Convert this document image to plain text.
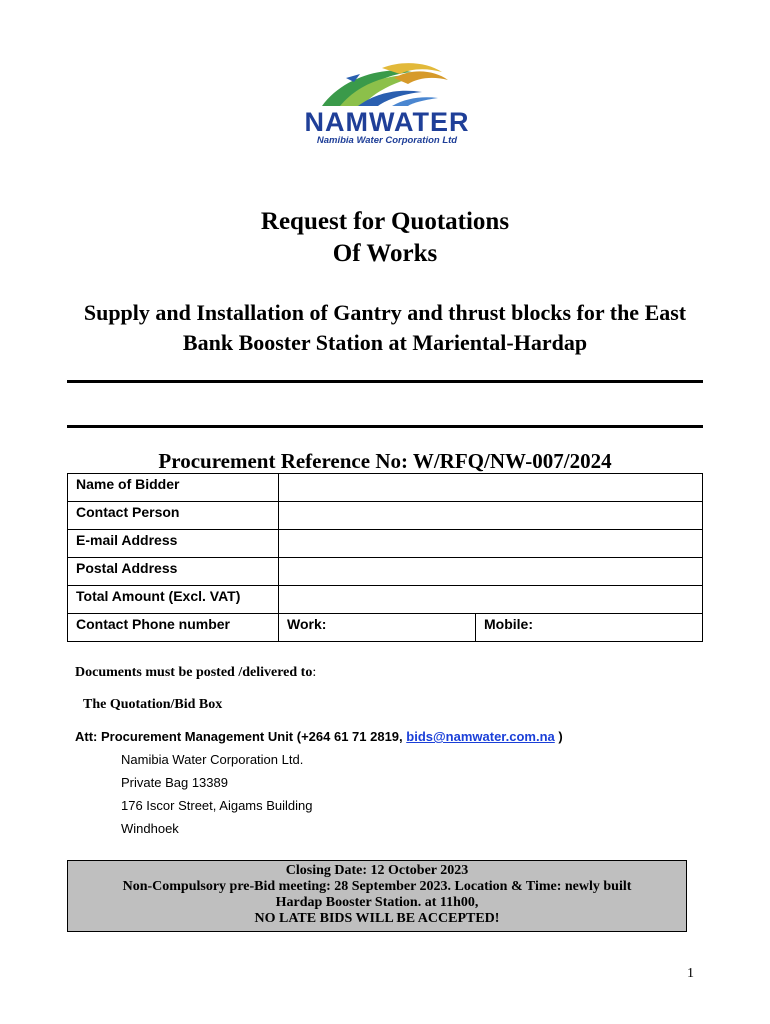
NAMWATER
Namibia Water Corporation Ltd
Request for Quotations
Of Works
Supply and Installation of Gantry and thrust blocks for the East Bank Booster Station at Mariental-Hardap
Procurement Reference No: W/RFQ/NW-007/2024
Name of Bidder		
Contact Person		
E-mail Address		
Postal Address		
Total Amount (Excl. VAT)		
Contact Phone number	Work:	Mobile:
Documents must be posted /delivered to:
The Quotation/Bid Box
Att: Procurement Management Unit (+264 61 71 2819, bids@namwater.com.na )
Namibia Water Corporation Ltd.
Private Bag 13389
176 Iscor Street, Aigams Building
Windhoek
Closing Date: 12 October 2023
Non-Compulsory pre-Bid meeting: 28 September 2023. Location & Time: newly built
Hardap Booster Station. at 11h00,
NO LATE BIDS WILL BE ACCEPTED!
1
